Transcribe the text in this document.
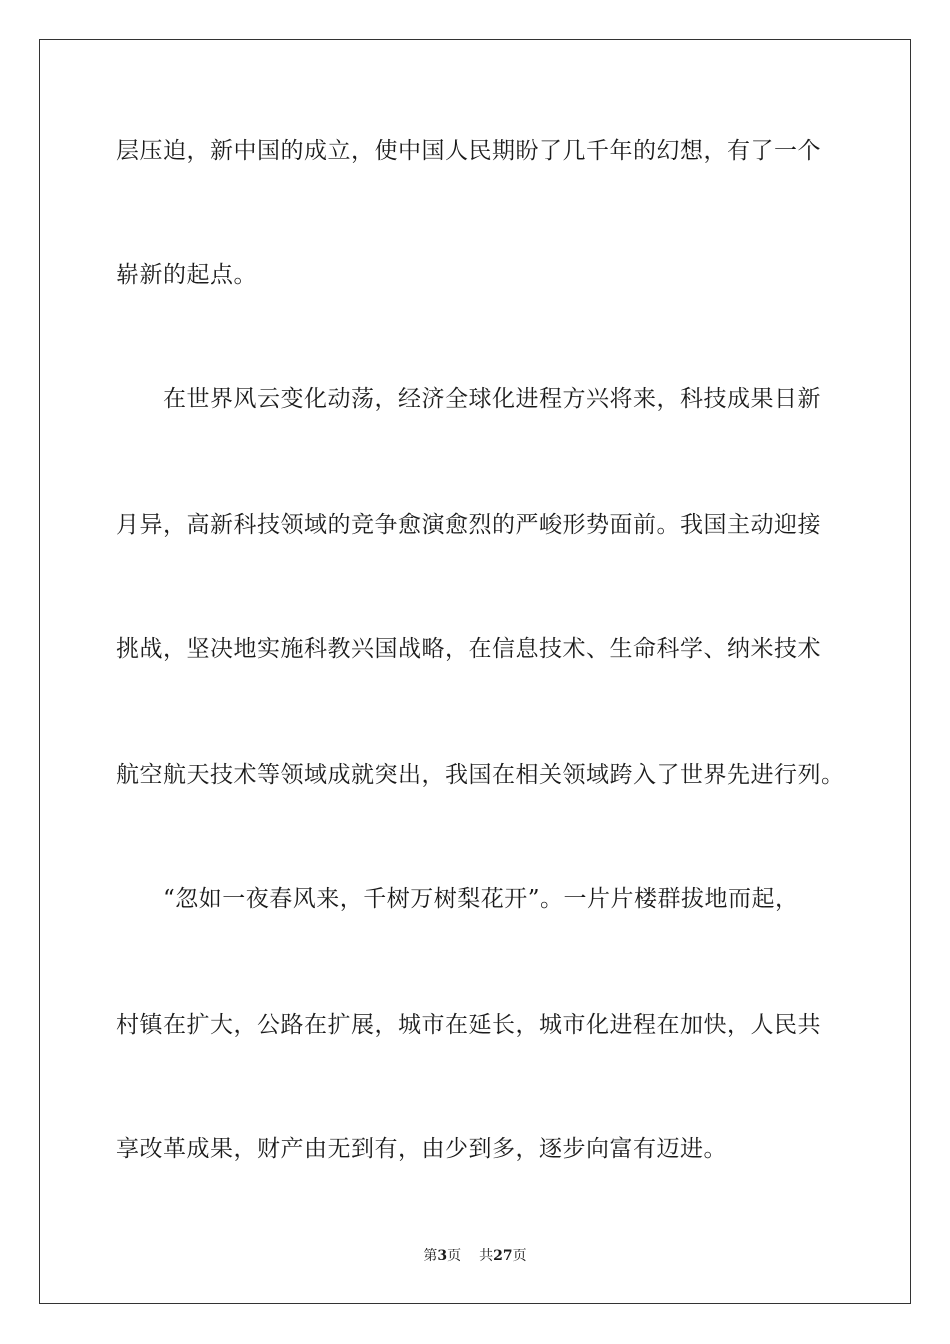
层压迫，新中国的成立，使中国人民期盼了几千年的幻想，有了一个
崭新的起点。
　　在世界风云变化动荡，经济全球化进程方兴将来，科技成果日新
月异，高新科技领域的竞争愈演愈烈的严峻形势面前。我国主动迎接
挑战，坚决地实施科教兴国战略，在信息技术、生命科学、纳米技术
航空航天技术等领域成就突出，我国在相关领域跨入了世界先进行列。
　　“忽如一夜春风来，千树万树梨花开”。一片片楼群拔地而起，
村镇在扩大，公路在扩展，城市在延长，城市化进程在加快，人民共
享改革成果，财产由无到有，由少到多，逐步向富有迈进。
第3页 共27页
